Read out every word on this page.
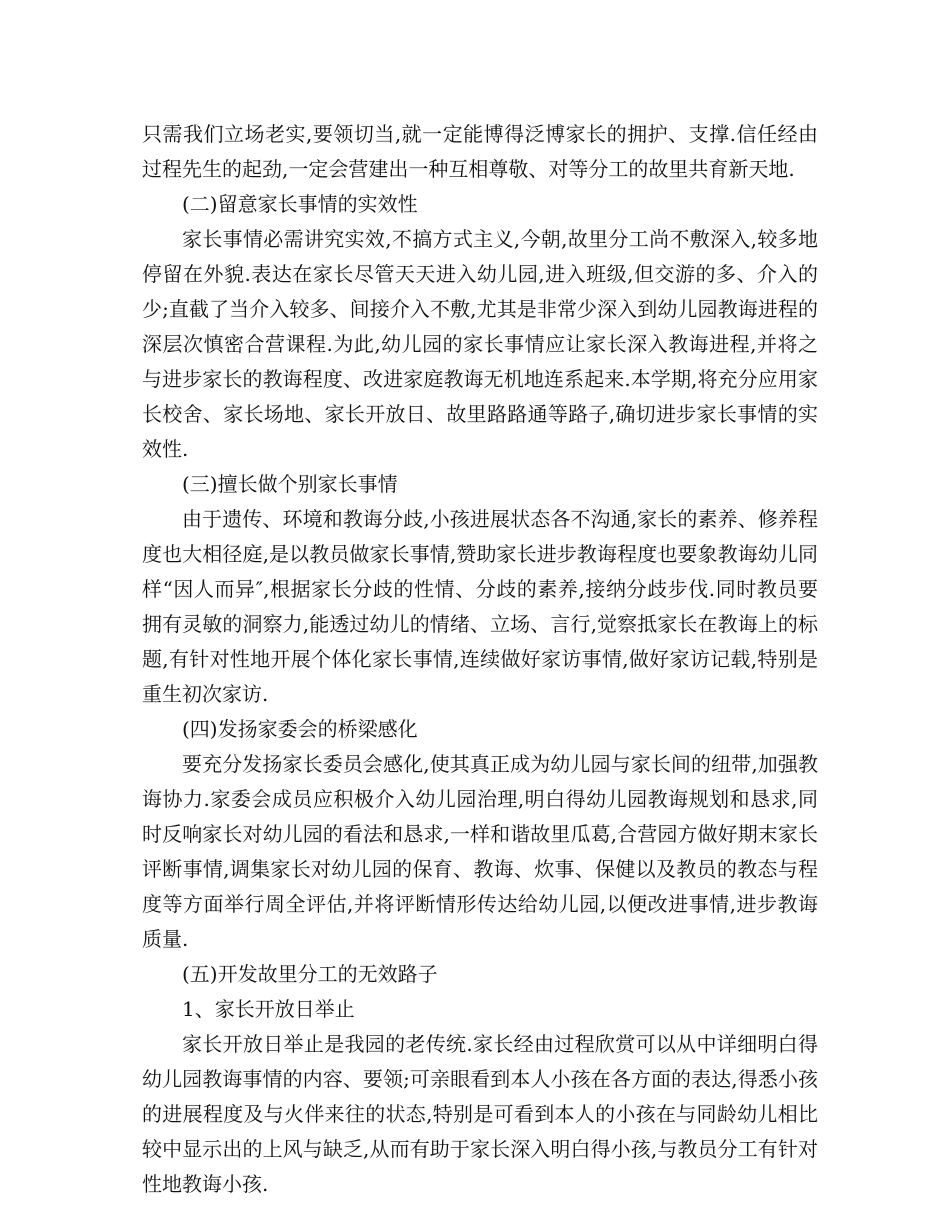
只需我们立场老实,要领切当,就一定能博得泛博家长的拥护、支撑.信任经由过程先生的起劲,一定会营建出一种互相尊敬、对等分工的故里共育新天地.

(二)留意家长事情的实效性

家长事情必需讲究实效,不搞方式主义,今朝,故里分工尚不敷深入,较多地停留在外貌.表达在家长尽管天天进入幼儿园,进入班级,但交游的多、介入的少;直截了当介入较多、间接介入不敷,尤其是非常少深入到幼儿园教诲进程的深层次慎密合营课程.为此,幼儿园的家长事情应让家长深入教诲进程,并将之与进步家长的教诲程度、改进家庭教诲无机地连系起来.本学期,将充分应用家长校舍、家长场地、家长开放日、故里路路通等路子,确切进步家长事情的实效性.

(三)擅长做个别家长事情

由于遗传、环境和教诲分歧,小孩进展状态各不沟通,家长的素养、修养程度也大相径庭,是以教员做家长事情,赞助家长进步教诲程度也要象教诲幼儿同样“因人而异″,根据家长分歧的性情、分歧的素养,接纳分歧步伐.同时教员要拥有灵敏的洞察力,能透过幼儿的情绪、立场、言行,觉察抵家长在教诲上的标题,有针对性地开展个体化家长事情,连续做好家访事情,做好家访记载,特别是重生初次家访.

(四)发扬家委会的桥梁感化

要充分发扬家长委员会感化,使其真正成为幼儿园与家长间的纽带,加强教诲协力.家委会成员应积极介入幼儿园治理,明白得幼儿园教诲规划和恳求,同时反响家长对幼儿园的看法和恳求,一样和谐故里瓜葛,合营园方做好期末家长评断事情,调集家长对幼儿园的保育、教诲、炊事、保健以及教员的教态与程度等方面举行周全评估,并将评断情形传达给幼儿园,以便改进事情,进步教诲质量.

(五)开发故里分工的无效路子

1、家长开放日举止

家长开放日举止是我园的老传统.家长经由过程欣赏可以从中详细明白得幼儿园教诲事情的内容、要领;可亲眼看到本人小孩在各方面的表达,得悉小孩的进展程度及与火伴来往的状态,特别是可看到本人的小孩在与同龄幼儿相比较中显示出的上风与缺乏,从而有助于家长深入明白得小孩,与教员分工有针对性地教诲小孩.
